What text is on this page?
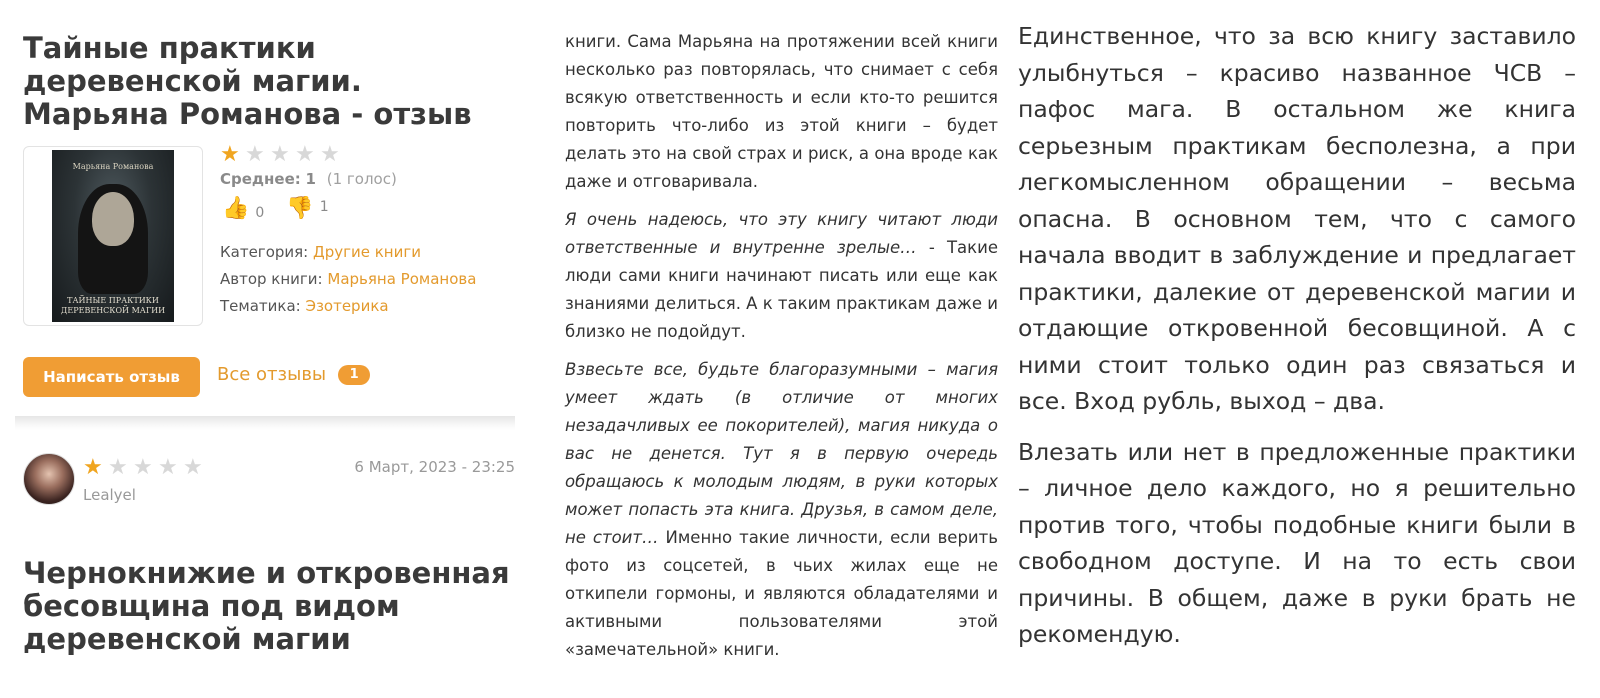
Тайные практики деревенской магии. Марьяна Романова - отзыв
Марьяна Романова
ТАЙНЫЕ ПРАКТИКИ ДЕРЕВЕНСКОЙ МАГИИ
★ ★ ★ ★ ★
Среднее: 1 (1 голос)
👍 0 👎 1
Категория: Другие книги
Автор книги: Марьяна Романова
Тематика: Эзотерика
Написать отзыв	Все отзывы	1
★ ★ ★ ★ ★
Lealyel
6 Март, 2023 - 23:25
Чернокнижие и откровенная бесовщина под видом деревенской магии

книги. Сама Марьяна на протяжении всей книги несколько раз повторялась, что снимает с себя всякую ответственность и если кто-то решится повторить что-либо из этой книги – будет делать это на свой страх и риск, а она вроде как даже и отговаривала.

Я очень надеюсь, что эту книгу читают люди ответственные и внутренне зрелые… - Такие люди сами книги начинают писать или еще как знаниями делиться. А к таким практикам даже и близко не подойдут.

Взвесьте все, будьте благоразумными – магия умеет ждать (в отличие от многих незадачливых ее покорителей), магия никуда о вас не денется. Тут я в первую очередь обращаюсь к молодым людям, в руки которых может попасть эта книга. Друзья, в самом деле, не стоит… Именно такие личности, если верить фото из соцсетей, в чьих жилах еще не откипели гормоны, и являются обладателями и активными пользователями этой «замечательной» книги.

Единственное, что за всю книгу заставило улыбнуться – красиво названное ЧСВ – пафос мага. В остальном же книга серьезным практикам бесполезна, а при легкомысленном обращении – весьма опасна. В основном тем, что с самого начала вводит в заблуждение и предлагает практики, далекие от деревенской магии и отдающие откровенной бесовщиной. А с ними стоит только один раз связаться и все. Вход рубль, выход – два.

Влезать или нет в предложенные практики – личное дело каждого, но я решительно против того, чтобы подобные книги были в свободном доступе. И на то есть свои причины. В общем, даже в руки брать не рекомендую.
